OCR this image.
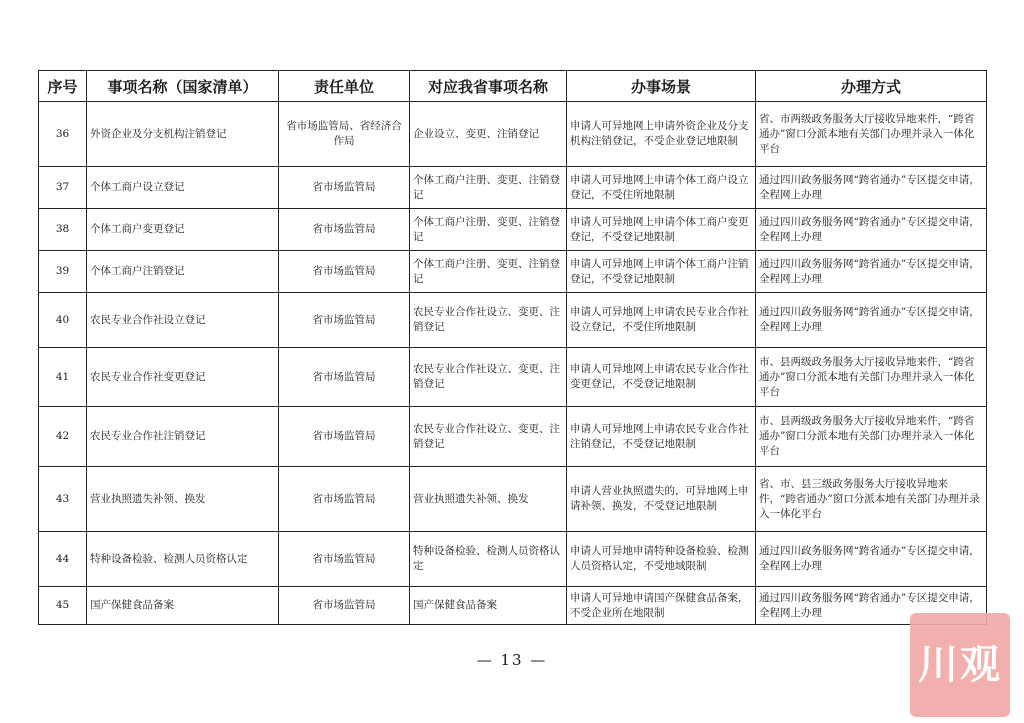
序号	事项名称（国家清单）	责任单位	对应我省事项名称	办事场景	办理方式
36	外资企业及分支机构注销登记	省市场监管局、省经济合作局	企业设立、变更、注销登记	申请人可异地网上申请外资企业及分支机构注销登记，不受企业登记地限制	省、市两级政务服务大厅接收异地来件，“跨省通办”窗口分派本地有关部门办理并录入一体化平台
37	个体工商户设立登记	省市场监管局	个体工商户注册、变更、注销登记	申请人可异地网上申请个体工商户设立登记，不受住所地限制	通过四川政务服务网“跨省通办”专区提交申请，全程网上办理
38	个体工商户变更登记	省市场监管局	个体工商户注册、变更、注销登记	申请人可异地网上申请个体工商户变更登记，不受登记地限制	通过四川政务服务网“跨省通办”专区提交申请，全程网上办理
39	个体工商户注销登记	省市场监管局	个体工商户注册、变更、注销登记	申请人可异地网上申请个体工商户注销登记，不受登记地限制	通过四川政务服务网“跨省通办”专区提交申请，全程网上办理
40	农民专业合作社设立登记	省市场监管局	农民专业合作社设立、变更、注销登记	申请人可异地网上申请农民专业合作社设立登记，不受住所地限制	通过四川政务服务网“跨省通办”专区提交申请，全程网上办理
41	农民专业合作社变更登记	省市场监管局	农民专业合作社设立、变更、注销登记	申请人可异地网上申请农民专业合作社变更登记，不受登记地限制	市、县两级政务服务大厅接收异地来件，“跨省通办”窗口分派本地有关部门办理并录入一体化平台
42	农民专业合作社注销登记	省市场监管局	农民专业合作社设立、变更、注销登记	申请人可异地网上申请农民专业合作社注销登记，不受登记地限制	市、县两级政务服务大厅接收异地来件，“跨省通办”窗口分派本地有关部门办理并录入一体化平台
43	营业执照遗失补领、换发	省市场监管局	营业执照遗失补领、换发	申请人营业执照遗失的，可异地网上申请补领、换发，不受登记地限制	省、市、县三级政务服务大厅接收异地来件，“跨省通办”窗口分派本地有关部门办理并录入一体化平台
44	特种设备检验、检测人员资格认定	省市场监管局	特种设备检验、检测人员资格认定	申请人可异地申请特种设备检验、检测人员资格认定，不受地域限制	通过四川政务服务网“跨省通办”专区提交申请，全程网上办理
45	国产保健食品备案	省市场监管局	国产保健食品备案	申请人可异地申请国产保健食品备案，不受企业所在地限制	通过四川政务服务网“跨省通办”专区提交申请，全程网上办理
— 13 —	川观
